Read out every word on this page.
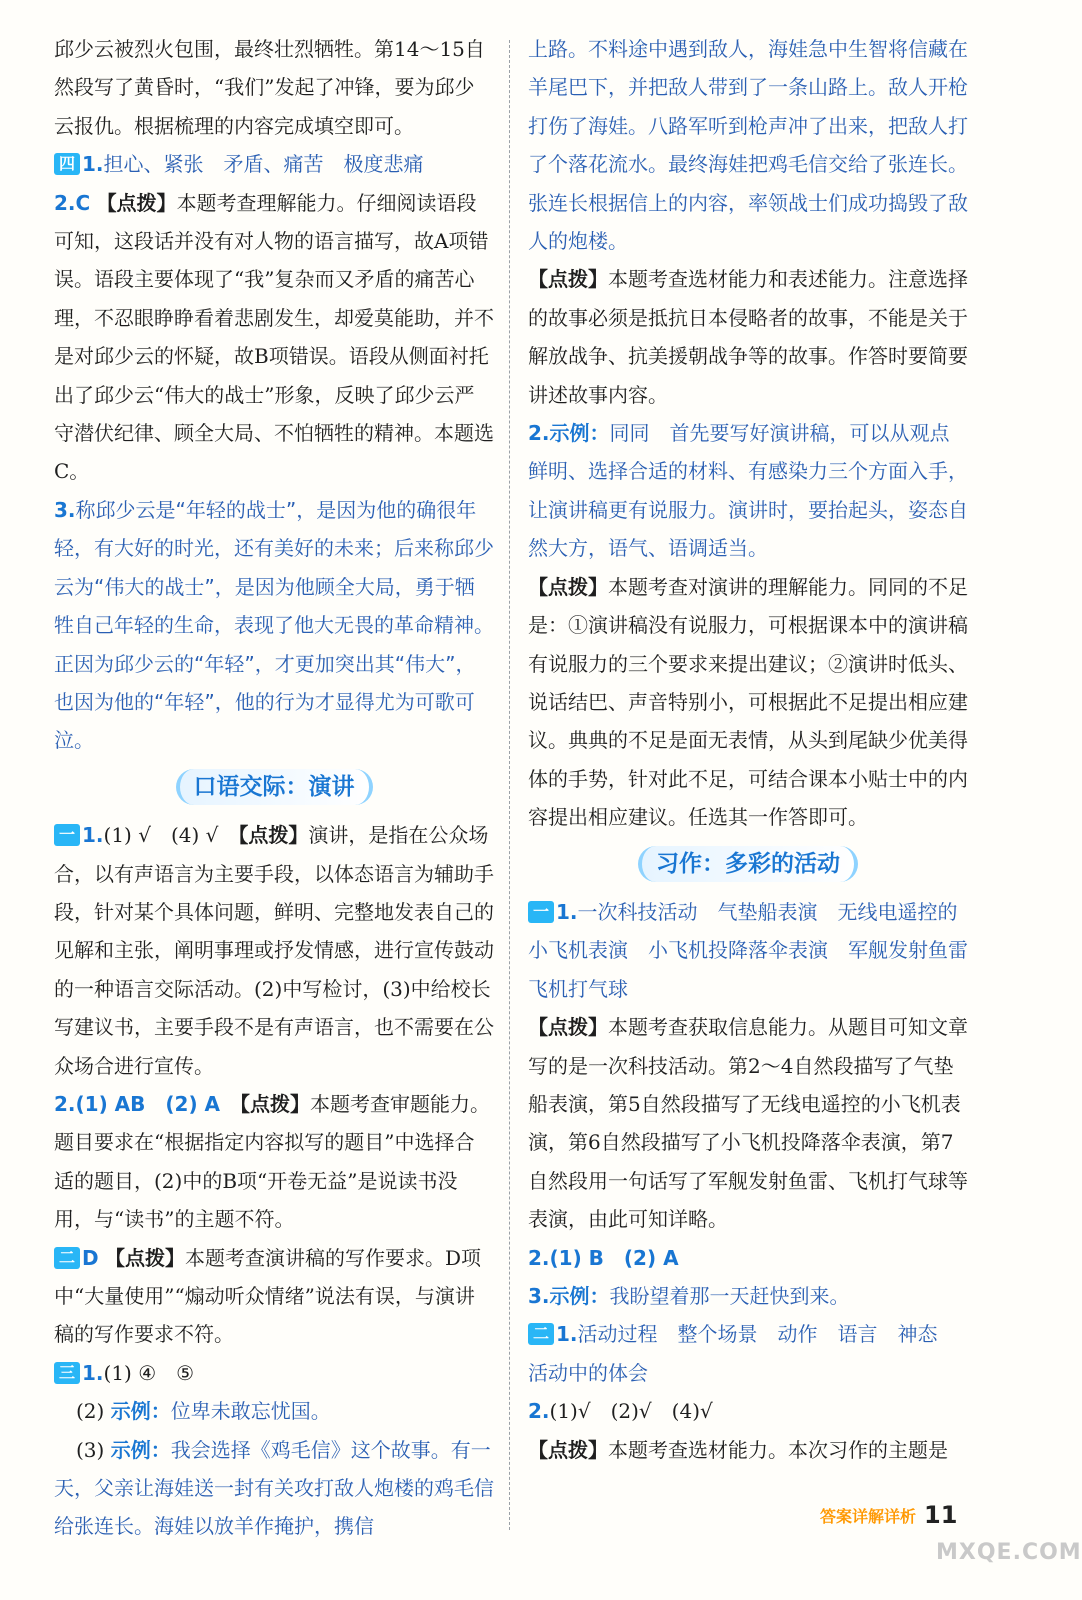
邱少云被烈火包围，最终壮烈牺牲。第14～15自然段写了黄昏时，“我们”发起了冲锋，要为邱少云报仇。根据梳理的内容完成填空即可。
四 1.担心、紧张　矛盾、痛苦　极度悲痛
2.C 【点拨】本题考查理解能力。仔细阅读语段可知，这段话并没有对人物的语言描写，故A项错误。语段主要体现了“我”复杂而又矛盾的痛苦心理，不忍眼睁睁看着悲剧发生，却爱莫能助，并不是对邱少云的怀疑，故B项错误。语段从侧面衬托出了邱少云“伟大的战士”形象，反映了邱少云严守潜伏纪律、顾全大局、不怕牺牲的精神。本题选C。
3.称邱少云是“年轻的战士”，是因为他的确很年轻，有大好的时光，还有美好的未来；后来称邱少云为“伟大的战士”，是因为他顾全大局，勇于牺牲自己年轻的生命，表现了他大无畏的革命精神。正因为邱少云的“年轻”，才更加突出其“伟大”，也因为他的“年轻”，他的行为才显得尤为可歌可泣。
口语交际：演讲
一 1.(1) √　(4) √　 【点拨】演讲，是指在公众场合，以有声语言为主要手段，以体态语言为辅助手段，针对某个具体问题，鲜明、完整地发表自己的见解和主张，阐明事理或抒发情感，进行宣传鼓动的一种语言交际活动。(2)中写检讨，(3)中给校长写建议书，主要手段不是有声语言，也不需要在公众场合进行宣传。
2.(1) AB　(2) A　 【点拨】本题考查审题能力。题目要求在“根据指定内容拟写的题目”中选择合适的题目，(2)中的B项“开卷无益”是说读书没用，与“读书”的主题不符。
二 D 【点拨】本题考查演讲稿的写作要求。D项中“大量使用”“煽动听众情绪”说法有误，与演讲稿的写作要求不符。
三 1.(1) ④　⑤
(2) 示例：位卑未敢忘忧国。
(3) 示例：我会选择《鸡毛信》这个故事。有一天，父亲让海娃送一封有关攻打敌人炮楼的鸡毛信给张连长。海娃以放羊作掩护，携信
上路。不料途中遇到敌人，海娃急中生智将信藏在羊尾巴下，并把敌人带到了一条山路上。敌人开枪打伤了海娃。八路军听到枪声冲了出来，把敌人打了个落花流水。最终海娃把鸡毛信交给了张连长。张连长根据信上的内容，率领战士们成功捣毁了敌人的炮楼。
【点拨】本题考查选材能力和表述能力。注意选择的故事必须是抵抗日本侵略者的故事，不能是关于解放战争、抗美援朝战争等的故事。作答时要简要讲述故事内容。
2.示例：同同　首先要写好演讲稿，可以从观点鲜明、选择合适的材料、有感染力三个方面入手，让演讲稿更有说服力。演讲时，要抬起头，姿态自然大方，语气、语调适当。
【点拨】本题考查对演讲的理解能力。同同的不足是：①演讲稿没有说服力，可根据课本中的演讲稿有说服力的三个要求来提出建议；②演讲时低头、说话结巴、声音特别小，可根据此不足提出相应建议。典典的不足是面无表情，从头到尾缺少优美得体的手势，针对此不足，可结合课本小贴士中的内容提出相应建议。任选其一作答即可。
习作：多彩的活动
一 1.一次科技活动　气垫船表演　无线电遥控的小飞机表演　小飞机投降落伞表演　军舰发射鱼雷　飞机打气球
【点拨】本题考查获取信息能力。从题目可知文章写的是一次科技活动。第2～4自然段描写了气垫船表演，第5自然段描写了无线电遥控的小飞机表演，第6自然段描写了小飞机投降落伞表演，第7自然段用一句话写了军舰发射鱼雷、飞机打气球等表演，由此可知详略。
2.(1) B　(2) A
3.示例：我盼望着那一天赶快到来。
二 1.活动过程　整个场景　动作　语言　神态　活动中的体会
2.(1)√　(2)√　(4)√
【点拨】本题考查选材能力。本次习作的主题是
答案详解详析 11
MXQE.COM
